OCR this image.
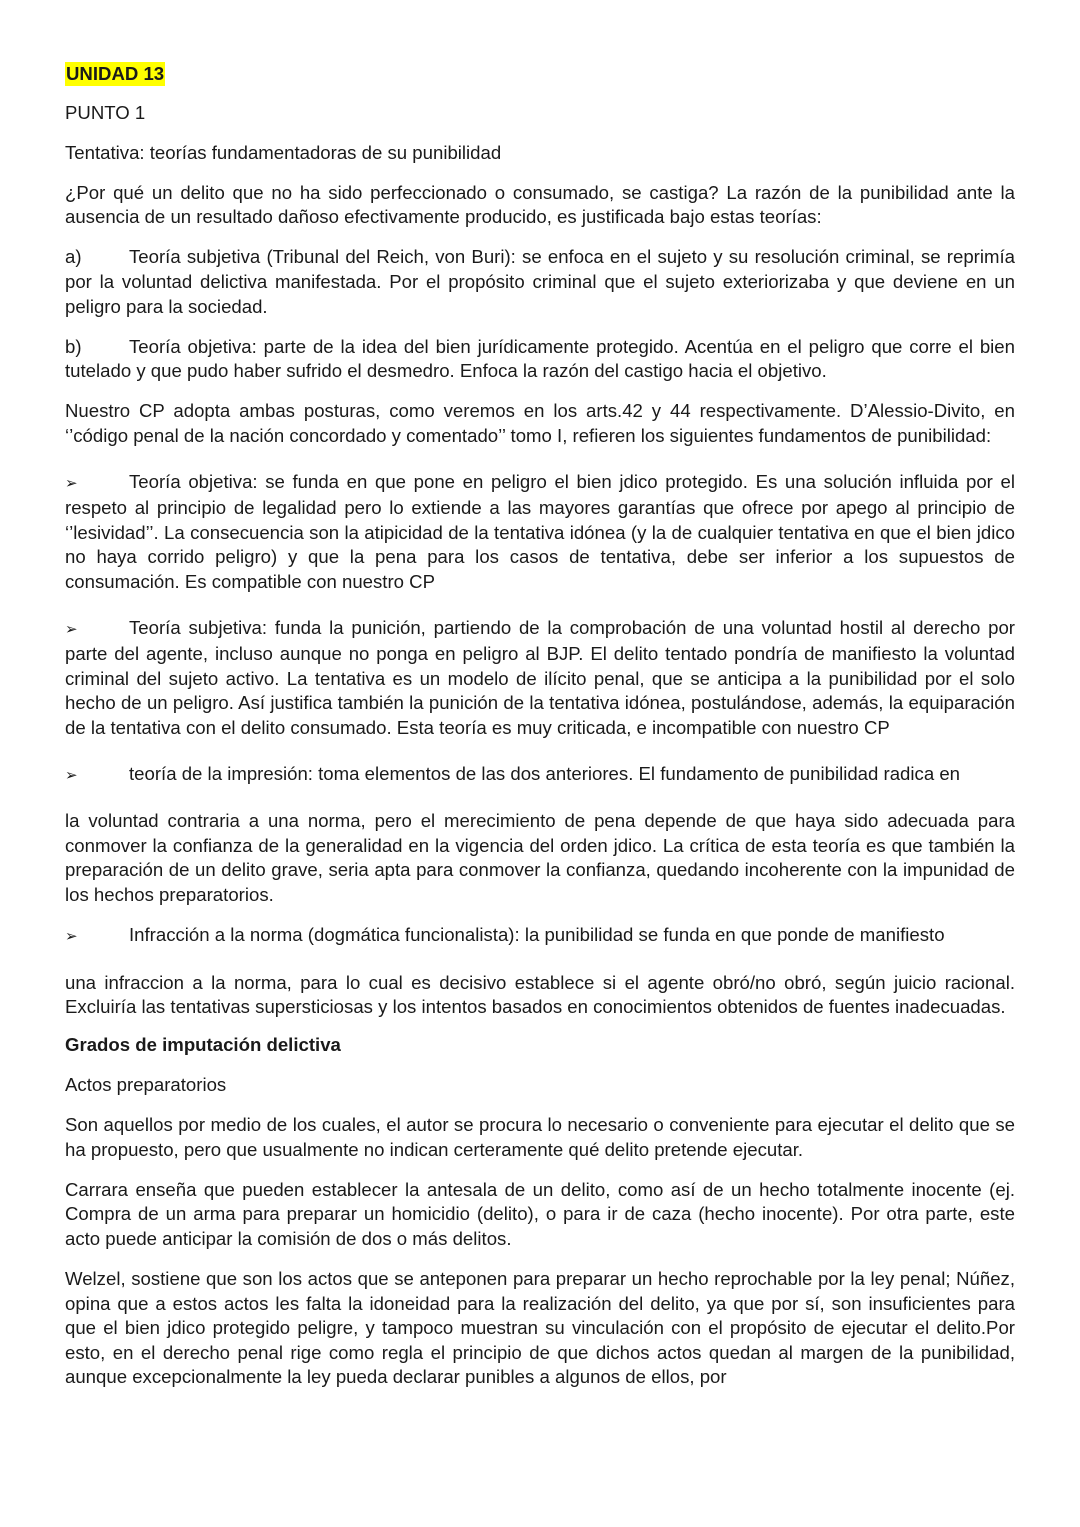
UNIDAD 13

PUNTO 1

Tentativa: teorías fundamentadoras de su punibilidad

¿Por qué un delito que no ha sido perfeccionado o consumado, se castiga? La razón de la punibilidad ante la ausencia de un resultado dañoso efectivamente producido, es justificada bajo estas teorías:

a)	Teoría subjetiva (Tribunal del Reich, von Buri): se enfoca en el sujeto y su resolución criminal, se reprimía por la voluntad delictiva manifestada. Por el propósito criminal que el sujeto exteriorizaba y que deviene en un peligro para la sociedad.

b)	Teoría objetiva: parte de la idea del bien jurídicamente protegido. Acentúa en el peligro que corre el bien tutelado y que pudo haber sufrido el desmedro. Enfoca la razón del castigo hacia el objetivo.

Nuestro CP adopta ambas posturas, como veremos en los arts.42 y 44 respectivamente. D’Alessio-Divito, en ‘’código penal de la nación concordado y comentado’’ tomo I, refieren los siguientes fundamentos de punibilidad:

➢	Teoría objetiva: se funda en que pone en peligro el bien jdico protegido. Es una solución influida por el respeto al principio de legalidad pero lo extiende a las mayores garantías que ofrece por apego al principio de ‘’lesividad’’. La consecuencia son la atipicidad de la tentativa idónea (y la de cualquier tentativa en que el bien jdico no haya corrido peligro) y que la pena para los casos de tentativa, debe ser inferior a los supuestos de consumación. Es compatible con nuestro CP

➢	Teoría subjetiva: funda la punición, partiendo de la comprobación de una voluntad hostil al derecho por parte del agente, incluso aunque no ponga en peligro al BJP. El delito tentado pondría de manifiesto la voluntad criminal del sujeto activo. La tentativa es un modelo de ilícito penal, que se anticipa a la punibilidad por el solo hecho de un peligro. Así justifica también la punición de la tentativa idónea, postulándose, además, la equiparación de la tentativa con el delito consumado. Esta teoría es muy criticada, e incompatible con nuestro CP

➢	teoría de la impresión: toma elementos de las dos anteriores. El fundamento de punibilidad radica en

la voluntad contraria a una norma, pero el merecimiento de pena depende de que haya sido adecuada para conmover la confianza de la generalidad en la vigencia del orden jdico. La crítica de esta teoría es que también la preparación de un delito grave, seria apta para conmover la confianza, quedando incoherente con la impunidad de los hechos preparatorios.

➢	Infracción a la norma (dogmática funcionalista): la punibilidad se funda en que ponde de manifiesto

una infraccion a la norma, para lo cual es decisivo establece si el agente obró/no obró, según juicio racional. Excluiría las tentativas supersticiosas y los intentos basados en conocimientos obtenidos de fuentes inadecuadas.

Grados de imputación delictiva

Actos preparatorios

Son aquellos por medio de los cuales, el autor se procura lo necesario o conveniente para ejecutar el delito que se ha propuesto, pero que usualmente no indican certeramente qué delito pretende ejecutar.

Carrara enseña que pueden establecer la antesala de un delito, como así de un hecho totalmente inocente (ej. Compra de un arma para preparar un homicidio (delito), o para ir de caza (hecho inocente). Por otra parte, este acto puede anticipar la comisión de dos o más delitos.

Welzel, sostiene que son los actos que se anteponen para preparar un hecho reprochable por la ley penal; Núñez, opina que a estos actos les falta la idoneidad para la realización del delito, ya que por sí, son insuficientes para que el bien jdico protegido peligre, y tampoco muestran su vinculación con el propósito de ejecutar el delito.Por esto, en el derecho penal rige como regla el principio de que dichos actos quedan al margen de la punibilidad, aunque excepcionalmente la ley pueda declarar punibles a algunos de ellos, por
